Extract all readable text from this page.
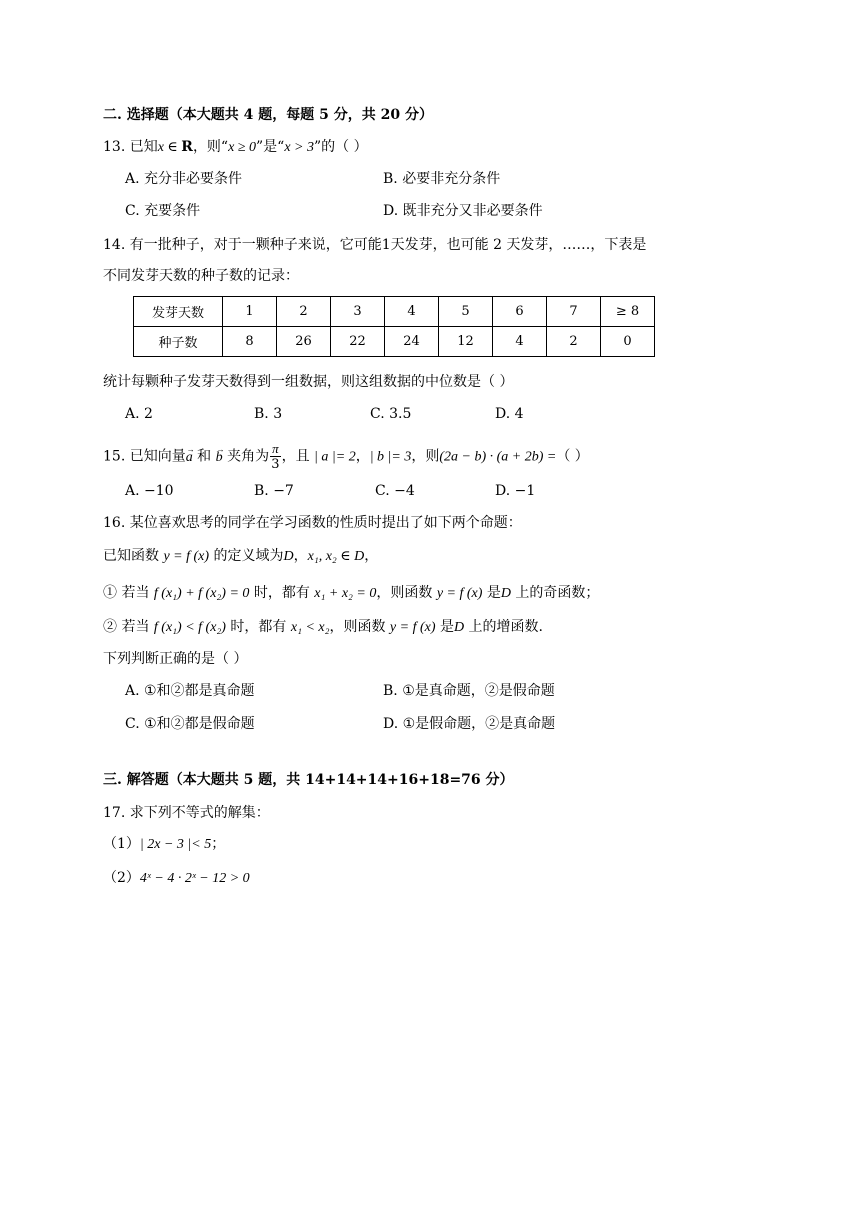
二. 选择题（本大题共 4 题，每题 5 分，共 20 分）
13. 已知x ∈ R，则“x ≥ 0”是“x > 3”的（ ）
A. 充分非必要条件	B. 必要非充分条件
C. 充要条件	D. 既非充分又非必要条件
14. 有一批种子，对于一颗种子来说，它可能1天发芽，也可能 2 天发芽，……，下表是
不同发芽天数的种子数的记录：
发芽天数	1	2	3	4	5	6	7	≥ 8
种子数	8	26	22	24	12	4	2	0
统计每颗种子发芽天数得到一组数据，则这组数据的中位数是（ ）
A. 2	B. 3	C. 3.5	D. 4
15. 已知向量→ a 和 → b 夹角为 $\frac{\pi}{3}$ ，且 | a |= 2，| b |= 3，则(2a − b) · (a + 2b) =（ ）
A. −10	B. −7	C. −4	D. −1
16. 某位喜欢思考的同学在学习函数的性质时提出了如下两个命题：
已知函数 y = f (x) 的定义域为D，x₁, x₂ ∈ D，
① 若当 f (x₁) + f (x₂) = 0 时，都有 x₁ + x₂ = 0，则函数 y = f (x) 是D 上的奇函数；
② 若当 f (x₁) < f (x₂) 时，都有 x₁ < x₂，则函数 y = f (x) 是D 上的增函数.
下列判断正确的是（ ）
A. ①和②都是真命题	B. ①是真命题，②是假命题
C. ①和②都是假命题	D. ①是假命题，②是真命题
三. 解答题（本大题共 5 题，共 14+14+14+16+18=76 分）
17. 求下列不等式的解集：
（1）| 2x − 3 |< 5；
（2）4ˣ − 4 · 2ˣ − 12 > 0
